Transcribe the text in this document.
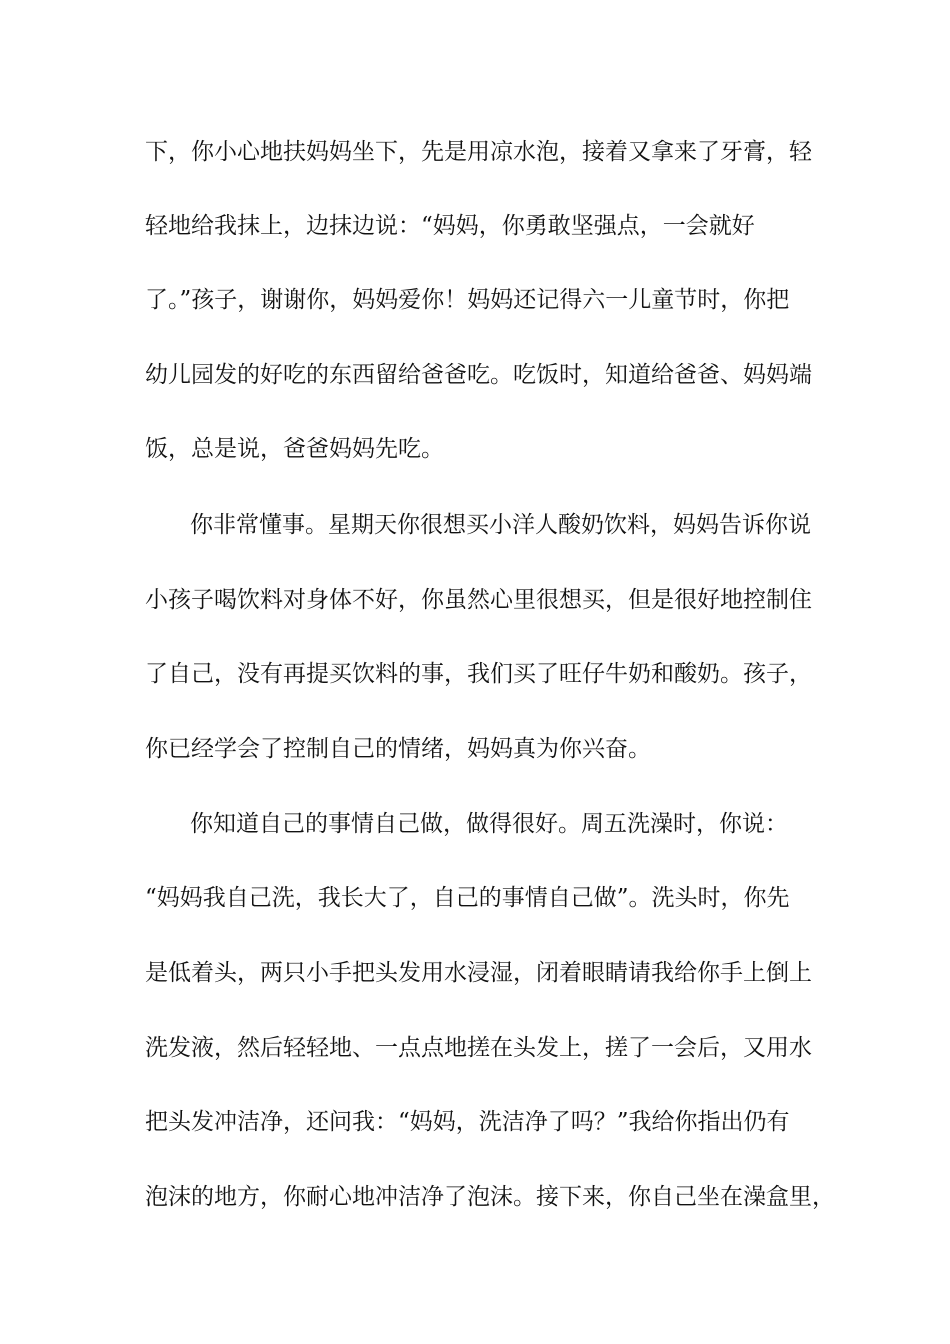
下，你小心地扶妈妈坐下，先是用凉水泡，接着又拿来了牙膏，轻
轻地给我抹上，边抹边说：“妈妈，你勇敢坚强点，一会就好
了。”孩子，谢谢你，妈妈爱你！妈妈还记得六一儿童节时，你把
幼儿园发的好吃的东西留给爸爸吃。吃饭时，知道给爸爸、妈妈端
饭，总是说，爸爸妈妈先吃。
你非常懂事。星期天你很想买小洋人酸奶饮料，妈妈告诉你说
小孩子喝饮料对身体不好，你虽然心里很想买，但是很好地控制住
了自己，没有再提买饮料的事，我们买了旺仔牛奶和酸奶。孩子，
你已经学会了控制自己的情绪，妈妈真为你兴奋。
你知道自己的事情自己做，做得很好。周五洗澡时，你说：
“妈妈我自己洗，我长大了，自己的事情自己做”。洗头时，你先
是低着头，两只小手把头发用水浸湿，闭着眼睛请我给你手上倒上
洗发液，然后轻轻地、一点点地搓在头发上，搓了一会后，又用水
把头发冲洁净，还问我：“妈妈，洗洁净了吗？”我给你指出仍有
泡沫的地方，你耐心地冲洁净了泡沫。接下来，你自己坐在澡盒里，
